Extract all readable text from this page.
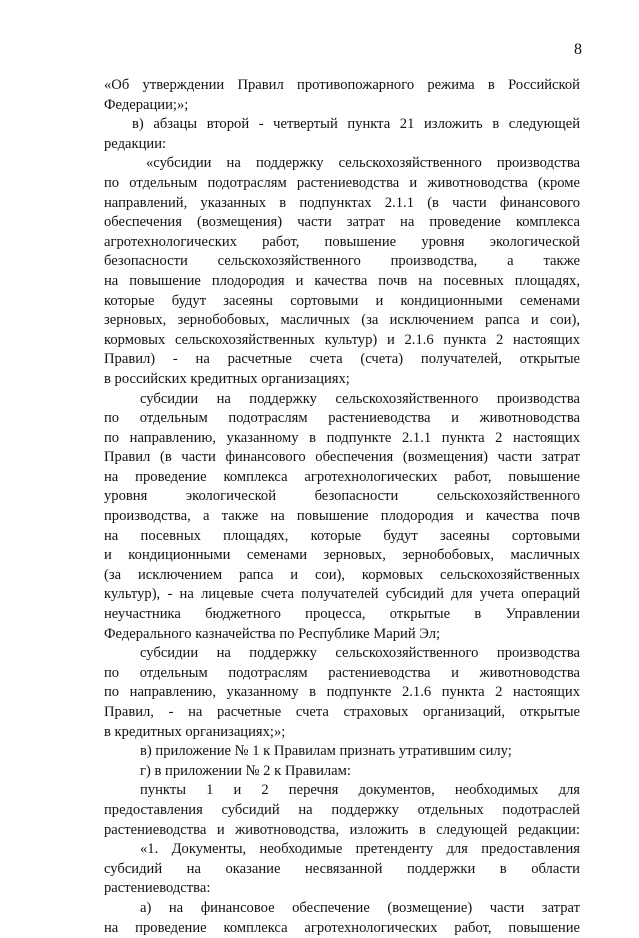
8
«Об утверждении Правил противопожарного режима в Российской
Федерации;»;
в) абзацы второй - четвертый пункта 21 изложить в следующей
редакции:
«субсидии на поддержку сельскохозяйственного производства
по отдельным подотраслям растениеводства и животноводства (кроме
направлений, указанных в подпунктах 2.1.1 (в части финансового
обеспечения (возмещения) части затрат на проведение комплекса
агротехнологических работ, повышение уровня экологической
безопасности сельскохозяйственного производства, а также
на повышение плодородия и качества почв на посевных площадях,
которые будут засеяны сортовыми и кондиционными семенами
зерновых, зернобобовых, масличных (за исключением рапса и сои),
кормовых сельскохозяйственных культур) и 2.1.6 пункта 2 настоящих
Правил) - на расчетные счета (счета) получателей, открытые
в российских кредитных организациях;
субсидии на поддержку сельскохозяйственного производства
по отдельным подотраслям растениеводства и животноводства
по направлению, указанному в подпункте 2.1.1 пункта 2 настоящих
Правил (в части финансового обеспечения (возмещения) части затрат
на проведение комплекса агротехнологических работ, повышение
уровня экологической безопасности сельскохозяйственного
производства, а также на повышение плодородия и качества почв
на посевных площадях, которые будут засеяны сортовыми
и кондиционными семенами зерновых, зернобобовых, масличных
(за исключением рапса и сои), кормовых сельскохозяйственных
культур), - на лицевые счета получателей субсидий для учета операций
неучастника бюджетного процесса, открытые в Управлении
Федерального казначейства по Республике Марий Эл;
субсидии на поддержку сельскохозяйственного производства
по отдельным подотраслям растениеводства и животноводства
по направлению, указанному в подпункте 2.1.6 пункта 2 настоящих
Правил, - на расчетные счета страховых организаций, открытые
в кредитных организациях;»;
в) приложение № 1 к Правилам признать утратившим силу;
г) в приложении № 2 к Правилам:
пункты 1 и 2 перечня документов, необходимых для
предоставления субсидий на поддержку отдельных подотраслей
растениеводства и животноводства, изложить в следующей редакции:
«1. Документы, необходимые претенденту для предоставления
субсидий на оказание несвязанной поддержки в области
растениеводства:
а) на финансовое обеспечение (возмещение) части затрат
на проведение комплекса агротехнологических работ, повышение
